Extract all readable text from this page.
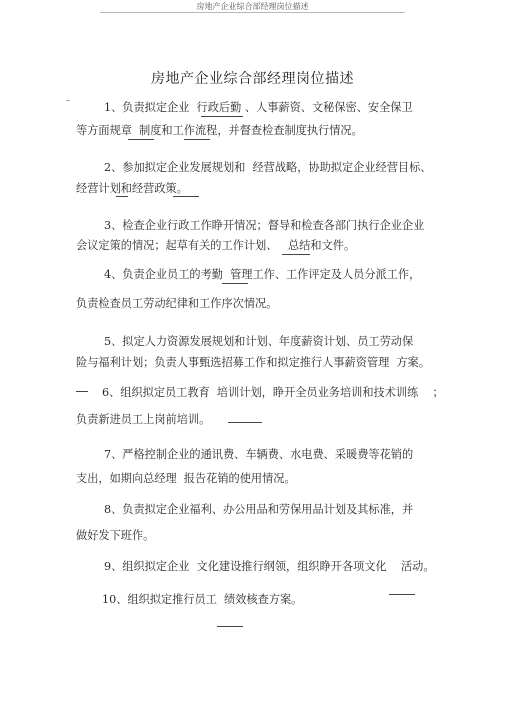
房地产企业综合部经理岗位描述
房地产企业综合部经理岗位描述
–
1、负责拟定企业  行政后勤 、人事薪资、文秘保密、安全保卫
等方面规章  制度和工作流程，并督查检查制度执行情况。
2、参加拟定企业发展规划和  经营战略，协助拟定企业经营目标、
经营计划和经营政策。
3、检查企业行政工作睁开情况；督导和检查各部门执行企业企业
会议定策的情况；起草有关的工作计划、   总结和文件。
4、负责企业员工的考勤  管理工作、工作评定及人员分派工作，
负责检查员工劳动纪律和工作序次情况。
5、拟定人力资源发展规划和计划、年度薪资计划、员工劳动保
险与福利计划；负责人事甄选招募工作和拟定推行人事薪资管理  方案。
6、组织拟定员工教育  培训计划，睁开全员业务培训和技术训练    ；
负责新进员工上岗前培训。
7、严格控制企业的通讯费、车辆费、水电费、采暖费等花销的
支出，如期向总经理  报告花销的使用情况。
8、负责拟定企业福利、办公用品和劳保用品计划及其标准，并
做好发下班作。
9、组织拟定企业  文化建设推行纲领，组织睁开各项文化    活动。
10、组织拟定推行员工  绩效核查方案。
